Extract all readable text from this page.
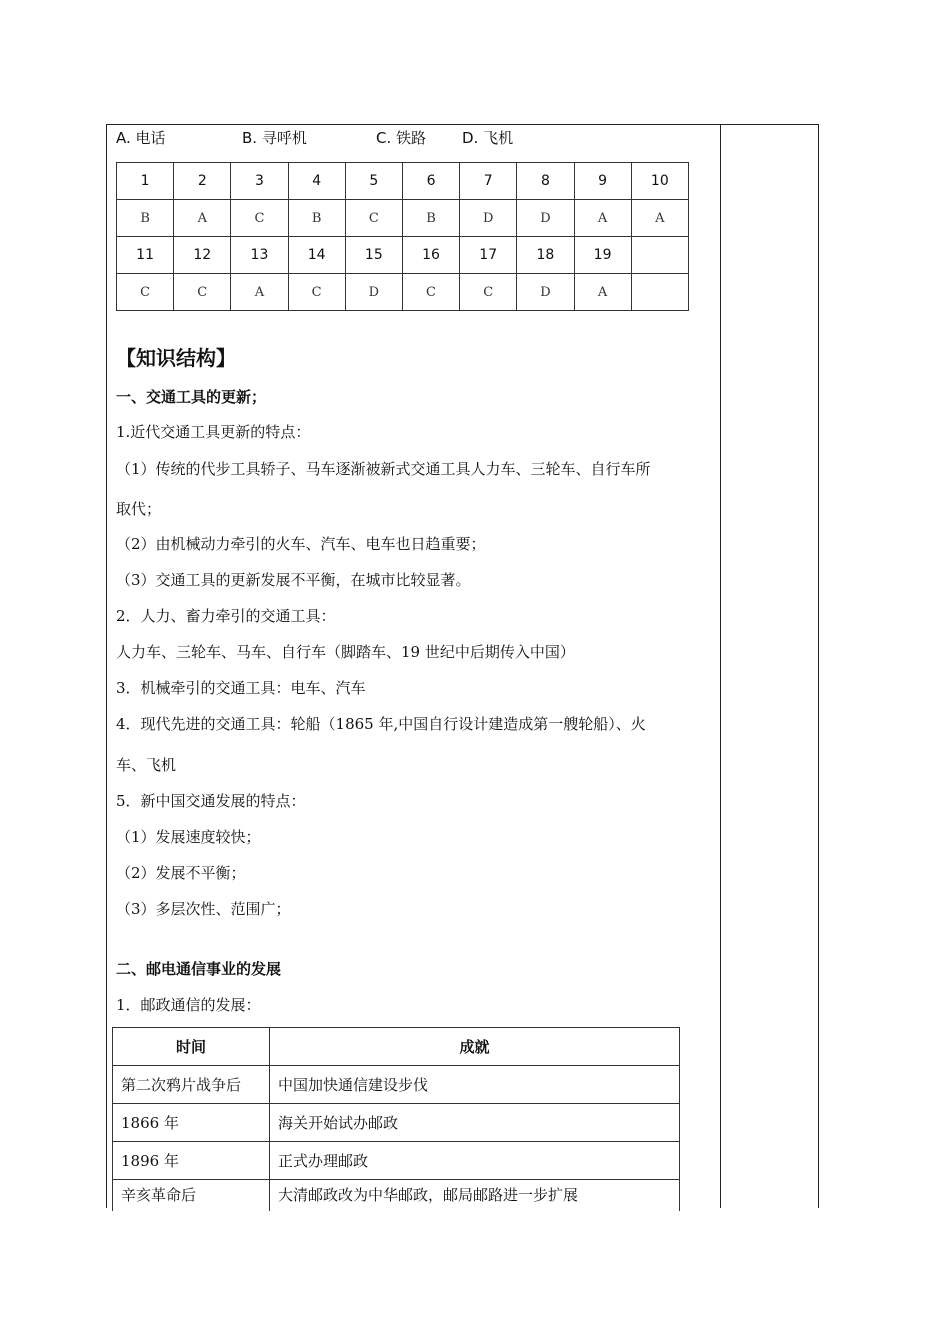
A. 电话	B. 寻呼机	C. 铁路 D. 飞机
1	2	3	4	5	6	7	8	9	10
B	A	C	B	C	B	D	D	A	A
11	12	13	14	15	16	17	18	19	
C	C	A	C	D	C	C	D	A	
【知识结构】
一、交通工具的更新；
1.近代交通工具更新的特点：
（1）传统的代步工具轿子、马车逐渐被新式交通工具人力车、三轮车、自行车所
取代；
（2）由机械动力牵引的火车、汽车、电车也日趋重要；
（3）交通工具的更新发展不平衡，在城市比较显著。
2．人力、畜力牵引的交通工具：
人力车、三轮车、马车、自行车（脚踏车、19 世纪中后期传入中国）
3．机械牵引的交通工具：电车、汽车
4．现代先进的交通工具：轮船（1865 年,中国自行设计建造成第一艘轮船）、火
车、飞机
5．新中国交通发展的特点：
（1）发展速度较快；
（2）发展不平衡；
（3）多层次性、范围广；
二、邮电通信事业的发展
1．邮政通信的发展：
时间	成就
第二次鸦片战争后	中国加快通信建设步伐
1866 年	海关开始试办邮政
1896 年	正式办理邮政
辛亥革命后	大清邮政改为中华邮政，邮局邮路进一步扩展
